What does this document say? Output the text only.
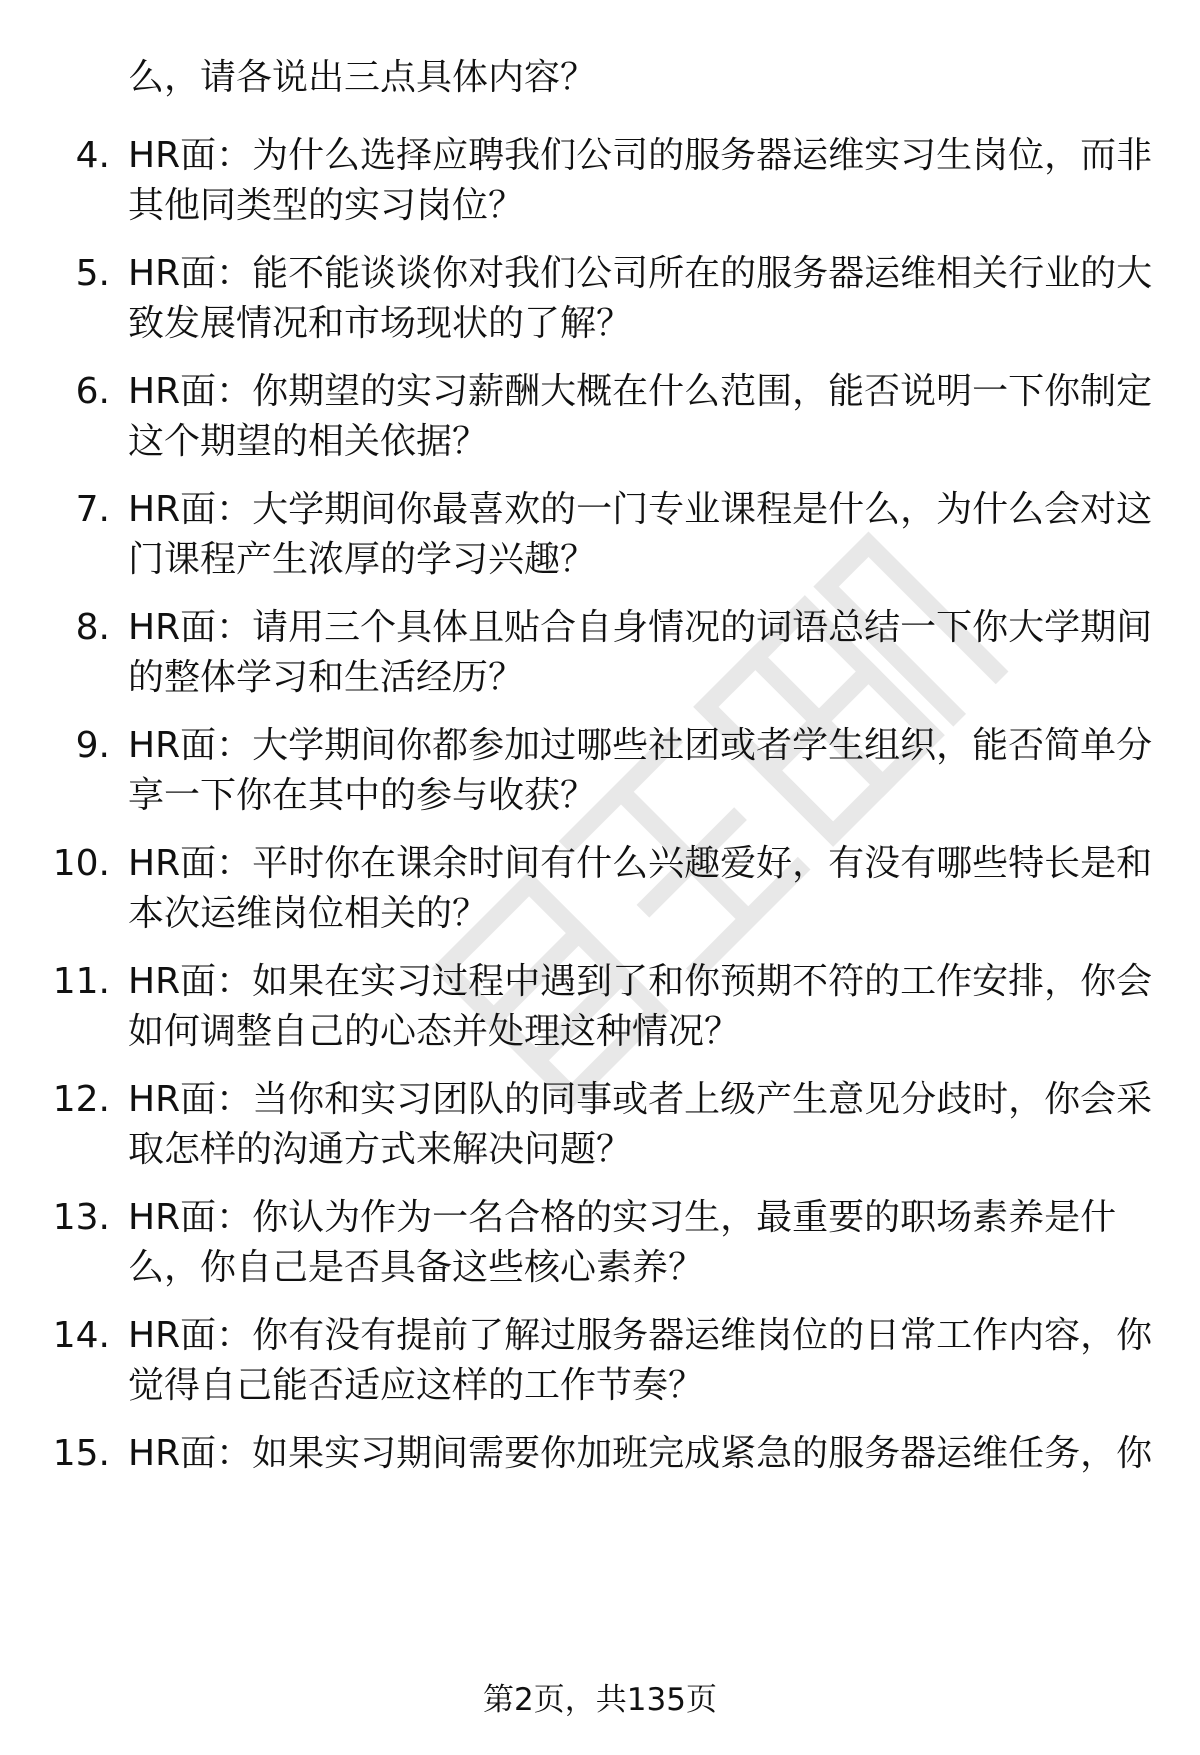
么，请各说出三点具体内容？
4. HR面：为什么选择应聘我们公司的服务器运维实习生岗位，而非
其他同类型的实习岗位？
5. HR面：能不能谈谈你对我们公司所在的服务器运维相关行业的大
致发展情况和市场现状的了解？
6. HR面：你期望的实习薪酬大概在什么范围，能否说明一下你制定
这个期望的相关依据？
7. HR面：大学期间你最喜欢的一门专业课程是什么，为什么会对这
门课程产生浓厚的学习兴趣？
8. HR面：请用三个具体且贴合自身情况的词语总结一下你大学期间
的整体学习和生活经历？
9. HR面：大学期间你都参加过哪些社团或者学生组织，能否简单分
享一下你在其中的参与收获？
10. HR面：平时你在课余时间有什么兴趣爱好，有没有哪些特长是和
本次运维岗位相关的？
11. HR面：如果在实习过程中遇到了和你预期不符的工作安排，你会
如何调整自己的心态并处理这种情况？
12. HR面：当你和实习团队的同事或者上级产生意见分歧时，你会采
取怎样的沟通方式来解决问题？
13. HR面：你认为作为一名合格的实习生，最重要的职场素养是什
么，你自己是否具备这些核心素养？
14. HR面：你有没有提前了解过服务器运维岗位的日常工作内容，你
觉得自己能否适应这样的工作节奏？
15. HR面：如果实习期间需要你加班完成紧急的服务器运维任务，你
第2页，共135页
